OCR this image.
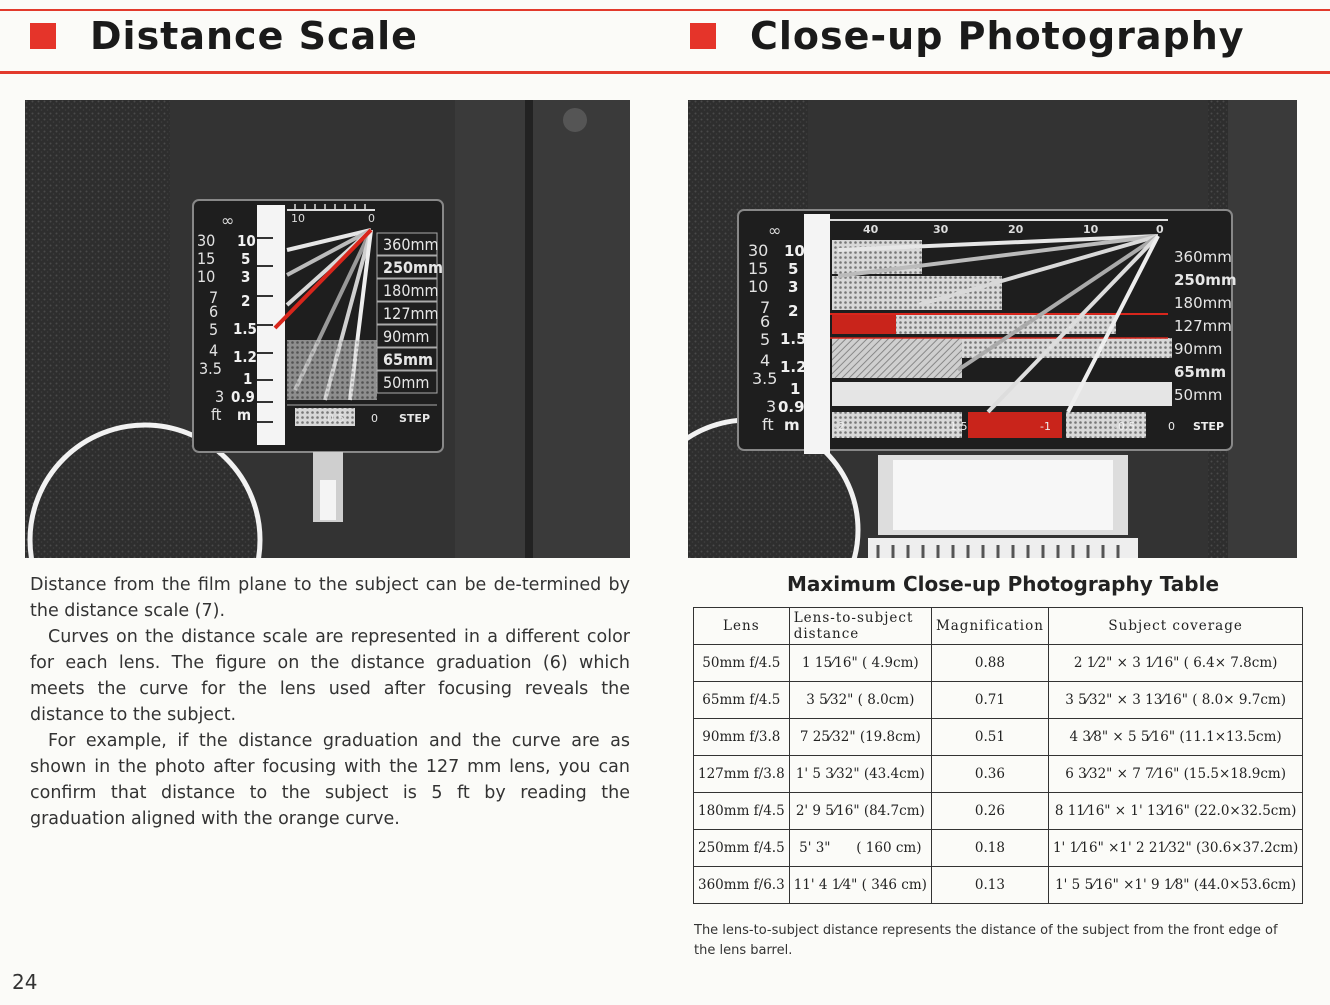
Distance Scale	Close-up Photography
10	0
∞
30
15
10
7
6
5
4
3.5
3
ft
10
5
3
2
1.5
1.2
1
0.9
m
360mm
250mm
180mm
127mm
90mm
65mm
50mm
-0.5 0 STEP
40	30	20	10	0
∞
30
15
10
7
6
5
4
3.5
3
ft
10
5
3
2
1.5
1.2
1
0.9
m
360mm
250mm
180mm
127mm
90mm
65mm
50mm
-2	-1.5	-1	-0.5	0 STEP

Distance from the film plane to the subject can be de-termined by the distance scale (7).

Curves on the distance scale are represented in a different color for each lens. The figure on the distance graduation (6) which meets the curve for the lens used after focusing reveals the distance to the subject.

For example, if the distance graduation and the curve are as shown in the photo after focusing with the 127 mm lens, you can confirm that distance to the subject is 5 ft by reading the graduation aligned with the orange curve.

Maximum Close-up Photography Table
Lens	Lens-to-subject distance	Magnification	Subject coverage
50mm f/4.5	1 15⁄16" ( 4.9cm)	0.88	2 1⁄2" × 3 1⁄16" ( 6.4× 7.8cm)
65mm f/4.5	3 5⁄32" ( 8.0cm)	0.71	3 5⁄32" × 3 13⁄16" ( 8.0× 9.7cm)
90mm f/3.8	7 25⁄32" (19.8cm)	0.51	4 3⁄8" × 5 5⁄16" (11.1×13.5cm)
127mm f/3.8	1' 5 3⁄32" (43.4cm)	0.36	6 3⁄32" × 7 7⁄16" (15.5×18.9cm)
180mm f/4.5	2' 9 5⁄16" (84.7cm)	0.26	8 11⁄16" × 1' 13⁄16" (22.0×32.5cm)
250mm f/4.5	5' 3"      ( 160 cm)	0.18	1' 1⁄16" ×1' 2 21⁄32" (30.6×37.2cm)
360mm f/6.3	11' 4 1⁄4" ( 346 cm)	0.13	1' 5 5⁄16" ×1' 9 1⁄8" (44.0×53.6cm)
The lens-to-subject distance represents the distance of the subject from the front edge of the lens barrel.
24
